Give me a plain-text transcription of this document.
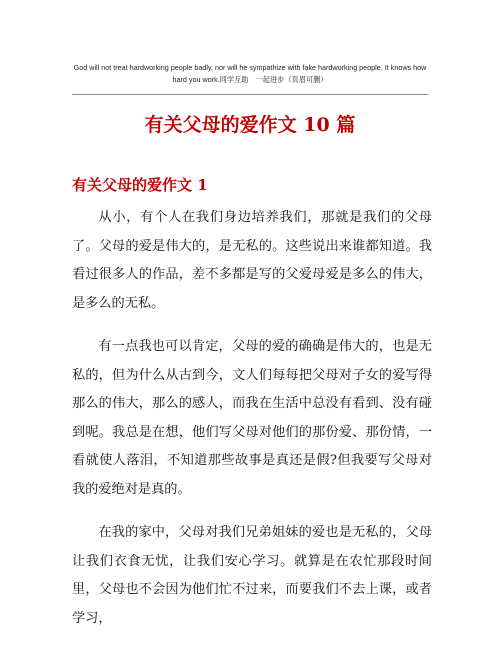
God will not treat hardworking people badly, nor will he sympathize with fake hardworking people. It knows how hard you work.同学互助　一起进步（页眉可删）
有关父母的爱作文 10 篇
有关父母的爱作文 1

从小，有个人在我们身边培养我们，那就是我们的父母了。父母的爱是伟大的，是无私的。这些说出来谁都知道。我看过很多人的作品，差不多都是写的父爱母爱是多么的伟大，是多么的无私。

有一点我也可以肯定，父母的爱的确确是伟大的，也是无私的，但为什么从古到今，文人们每每把父母对子女的爱写得那么的伟大，那么的感人，而我在生活中总没有看到、没有碰到呢。我总是在想，他们写父母对他们的那份爱、那份情，一看就使人落泪，不知道那些故事是真还是假?但我要写父母对我的爱绝对是真的。

在我的家中，父母对我们兄弟姐妹的爱也是无私的，父母让我们衣食无忧，让我们安心学习。就算是在农忙那段时间里，父母也不会因为他们忙不过来，而要我们不去上课，或者学习，
